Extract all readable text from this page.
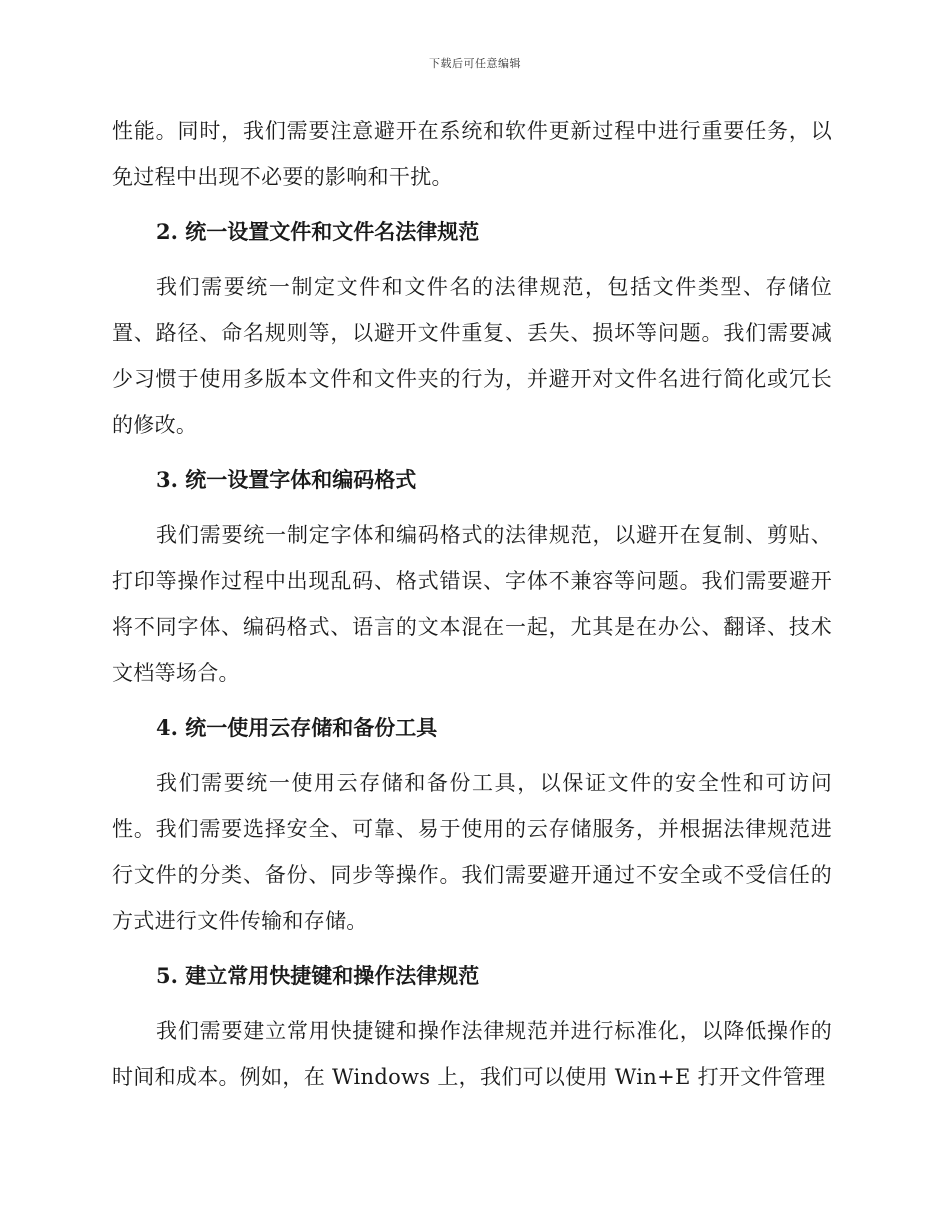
下载后可任意编辑

性能。同时，我们需要注意避开在系统和软件更新过程中进行重要任务，以免过程中出现不必要的影响和干扰。

2. 统一设置文件和文件名法律规范

我们需要统一制定文件和文件名的法律规范，包括文件类型、存储位置、路径、命名规则等，以避开文件重复、丢失、损坏等问题。我们需要减少习惯于使用多版本文件和文件夹的行为，并避开对文件名进行简化或冗长的修改。

3. 统一设置字体和编码格式

我们需要统一制定字体和编码格式的法律规范，以避开在复制、剪贴、打印等操作过程中出现乱码、格式错误、字体不兼容等问题。我们需要避开将不同字体、编码格式、语言的文本混在一起，尤其是在办公、翻译、技术文档等场合。

4. 统一使用云存储和备份工具

我们需要统一使用云存储和备份工具，以保证文件的安全性和可访问性。我们需要选择安全、可靠、易于使用的云存储服务，并根据法律规范进行文件的分类、备份、同步等操作。我们需要避开通过不安全或不受信任的方式进行文件传输和存储。

5. 建立常用快捷键和操作法律规范

我们需要建立常用快捷键和操作法律规范并进行标准化，以降低操作的时间和成本。例如，在 Windows 上，我们可以使用 Win+E 打开文件管理
